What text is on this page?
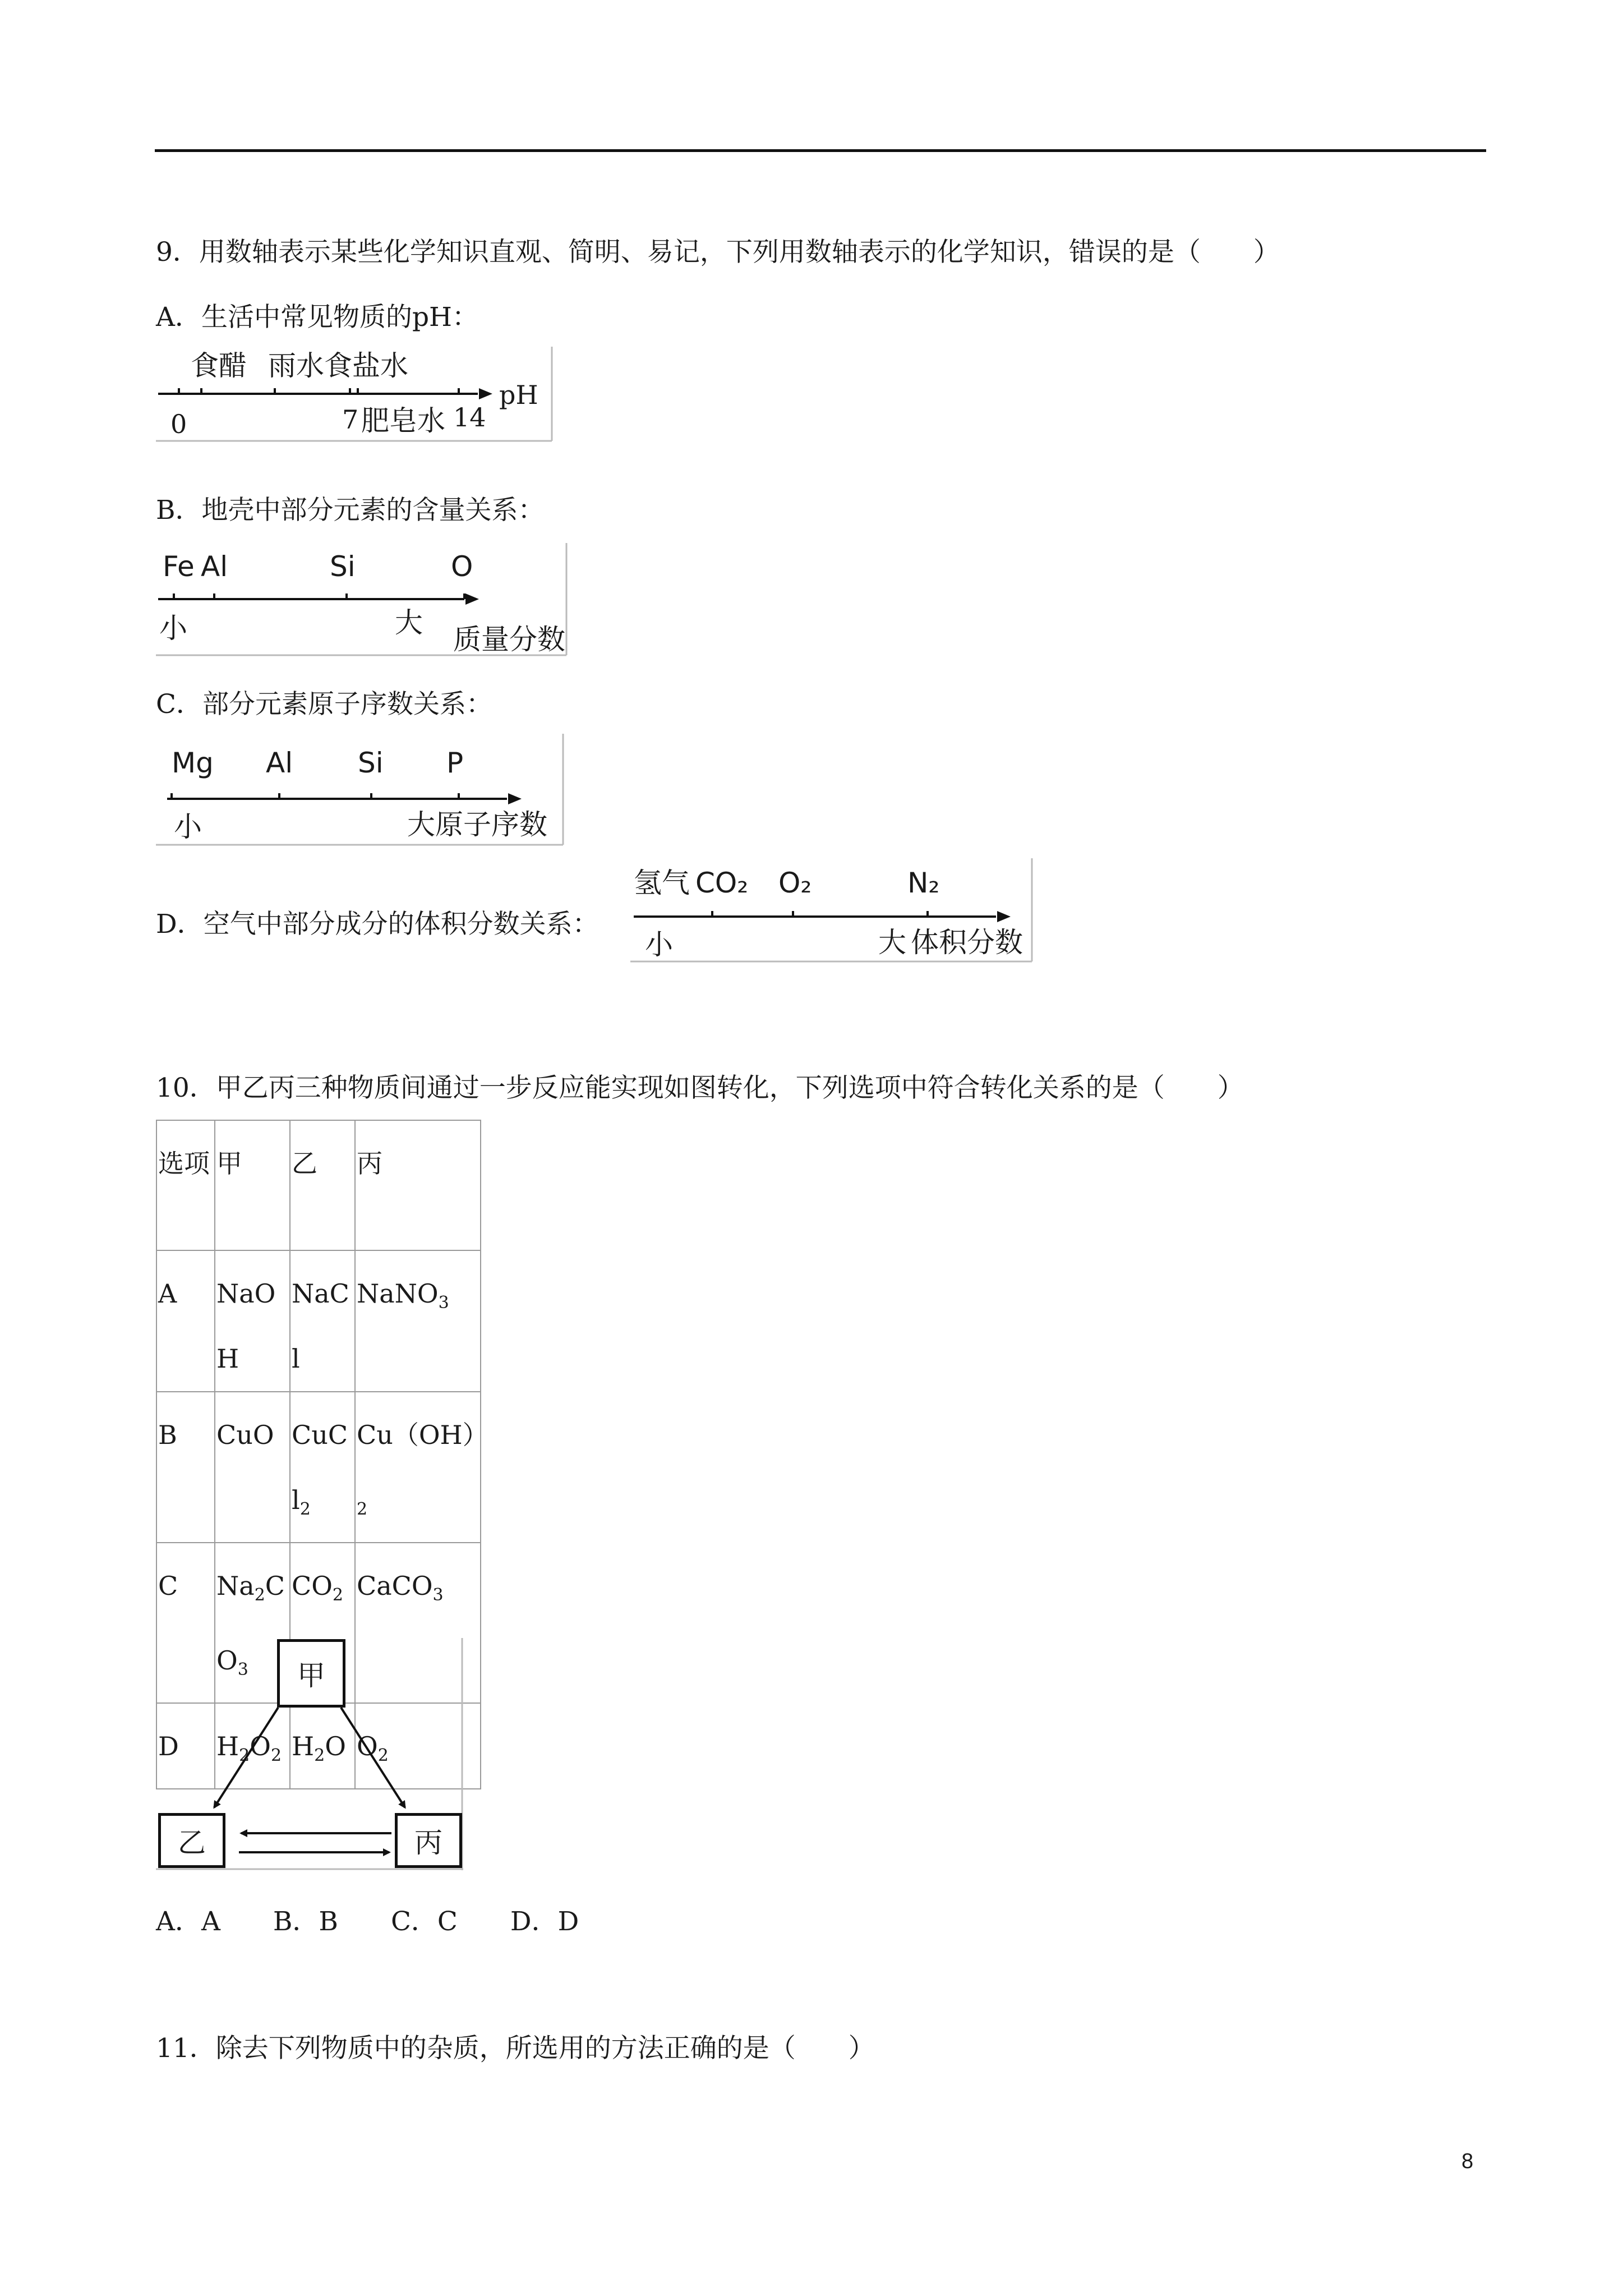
9．用数轴表示某些化学知识直观、简明、易记，下列用数轴表示的化学知识，错误的是（　　）
A．生活中常见物质的pH：
食醋 雨水 食盐水
0	7 肥皂水 14
pH
B．地壳中部分元素的含量关系：
Fe Al	Si	O
小	大
质量分数
C．部分元素原子序数关系：
Mg Al Si P
小	大 原子序数
D．空气中部分成分的体积分数关系：
氢气 CO₂ O₂	N₂
小	大 体积分数
10．甲乙丙三种物质间通过一步反应能实现如图转化，下列选项中符合转化关系的是（　　）
选项	甲	乙	丙
A	NaOH	NaCl	NaNO$_3$
B	CuO	CuCl$_2$	$Cu(OH)_2$
C	$Na_2CO_3$	$CO_2$	CaCO$_3$
D	$H_2O_2$	$H_2O$	$O_2$
甲
乙	丙
A．A　　B．B　　C．C　　D．D
11．除去下列物质中的杂质，所选用的方法正确的是（　　）
8
